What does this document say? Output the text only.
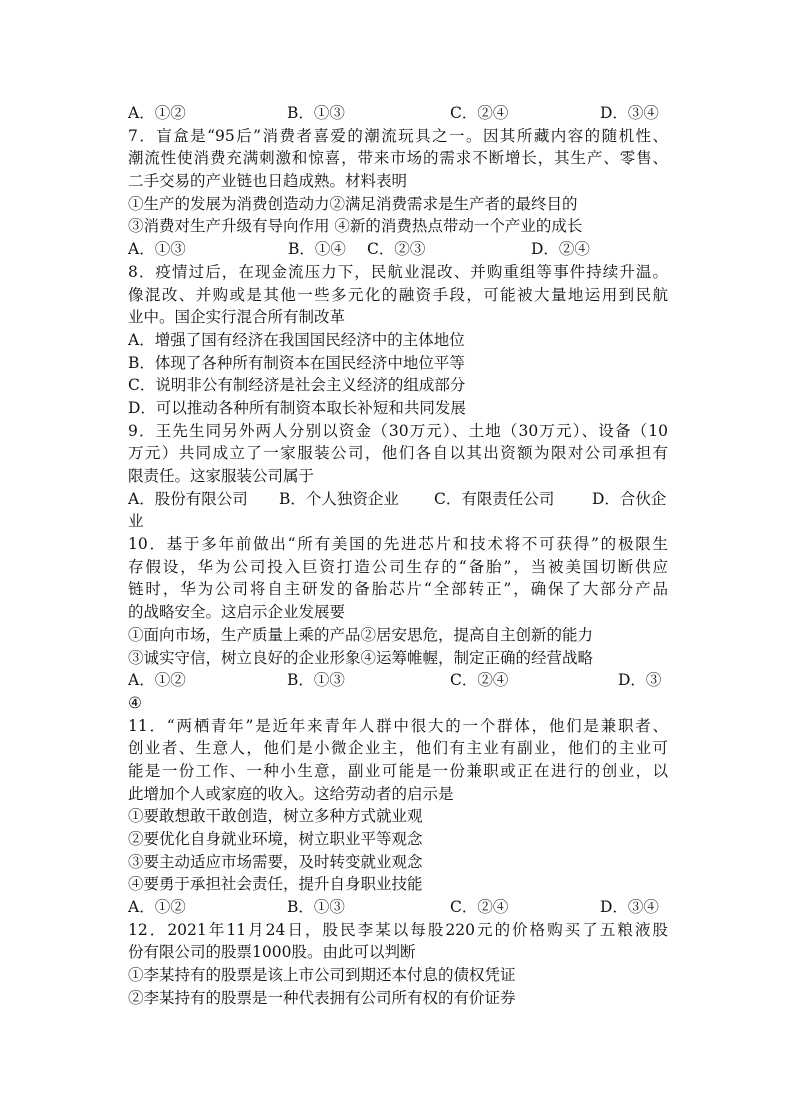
A．①②	B．①③	C．②④	D．③④
7．盲盒是“95后”消费者喜爱的潮流玩具之一。因其所藏内容的随机性、
潮流性使消费充满刺激和惊喜，带来市场的需求不断增长，其生产、零售、
二手交易的产业链也日趋成熟。材料表明
①生产的发展为消费创造动力②满足消费需求是生产者的最终目的
③消费对生产升级有导向作用 ④新的消费热点带动一个产业的成长
A．①③	B．①④ C．②③	D．②④
8．疫情过后，在现金流压力下，民航业混改、并购重组等事件持续升温。
像混改、并购或是其他一些多元化的融资手段，可能被大量地运用到民航
业中。国企实行混合所有制改革
A．增强了国有经济在我国国民经济中的主体地位
B．体现了各种所有制资本在国民经济中地位平等
C．说明非公有制经济是社会主义经济的组成部分
D．可以推动各种所有制资本取长补短和共同发展
9．王先生同另外两人分别以资金（30万元）、土地（30万元）、设备（10
万元）共同成立了一家服装公司，他们各自以其出资额为限对公司承担有
限责任。这家服装公司属于
A．股份有限公司 B．个人独资企业 C．有限责任公司 D．合伙企
业
10．基于多年前做出“所有美国的先进芯片和技术将不可获得”的极限生
存假设，华为公司投入巨资打造公司生存的“备胎”，当被美国切断供应
链时，华为公司将自主研发的备胎芯片“全部转正”，确保了大部分产品
的战略安全。这启示企业发展要
①面向市场，生产质量上乘的产品②居安思危，提高自主创新的能力
③诚实守信，树立良好的企业形象④运筹帷幄，制定正确的经营战略
A．①②	B．①③	C．②④	D．③
④
11．“两栖青年”是近年来青年人群中很大的一个群体，他们是兼职者、
创业者、生意人，他们是小微企业主，他们有主业有副业，他们的主业可
能是一份工作、一种小生意，副业可能是一份兼职或正在进行的创业，以
此增加个人或家庭的收入。这给劳动者的启示是
①要敢想敢干敢创造，树立多种方式就业观
②要优化自身就业环境，树立职业平等观念
③要主动适应市场需要，及时转变就业观念
④要勇于承担社会责任，提升自身职业技能
A．①②	B．①③	C．②④	D．③④
12．2021年11月24日，股民李某以每股220元的价格购买了五粮液股
份有限公司的股票1000股。由此可以判断
①李某持有的股票是该上市公司到期还本付息的债权凭证
②李某持有的股票是一种代表拥有公司所有权的有价证券
